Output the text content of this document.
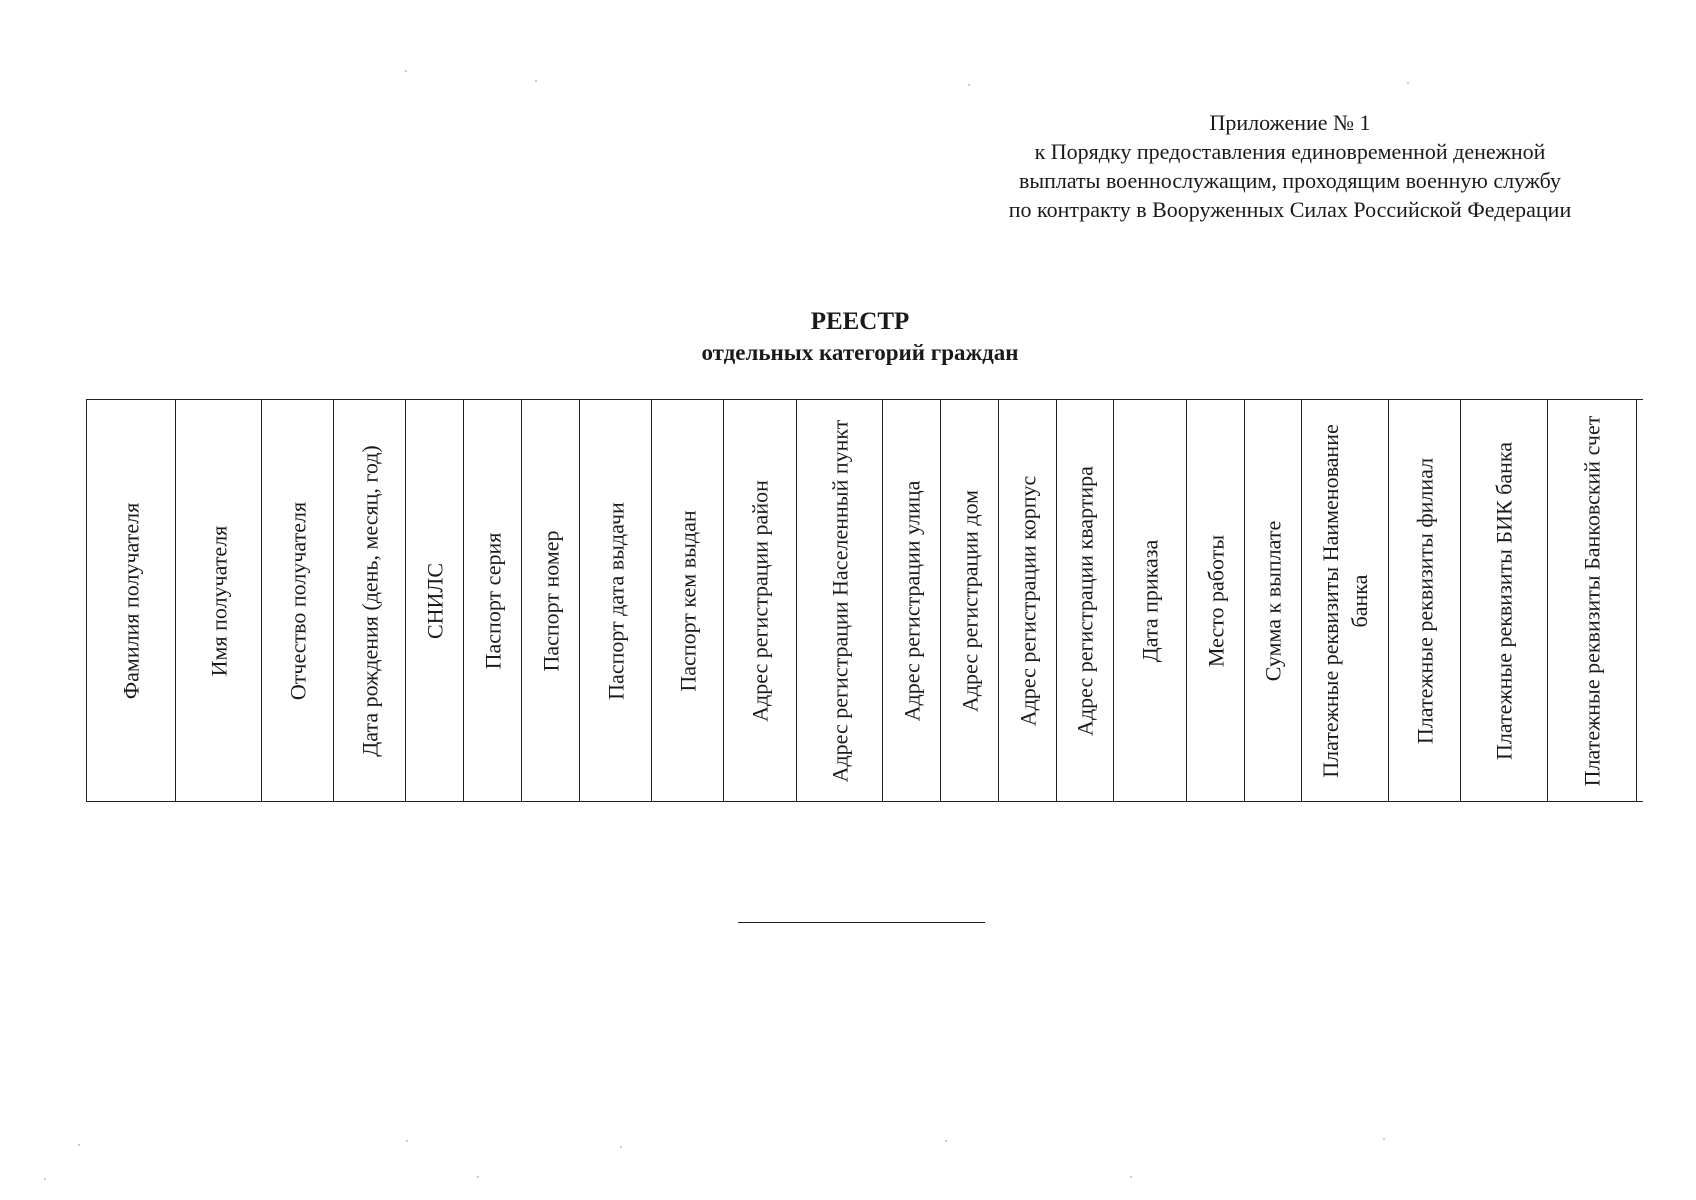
Приложение № 1
к Порядку предоставления единовременной денежной
выплаты военнослужащим, проходящим военную службу
по контракту в Вооруженных Силах Российской Федерации
РЕЕСТР
отдельных категорий граждан
Фамилия получателя	Имя получателя Отчество получателя Дата рождения (день, месяц, год) СНИЛС Паспорт серия Паспорт номер Паспорт дата выдачи Паспорт кем выдан Адрес регистрации район Адрес регистрации Населенный пункт Адрес регистрации улица Адрес регистрации дом Адрес регистрации корпус Адрес регистрации квартира Дата приказа Место работы Сумма к выплате Платежные реквизиты Наименование банка Платежные реквизиты филиал Платежные реквизиты БИК банка	Платежные реквизиты Банковский счет
